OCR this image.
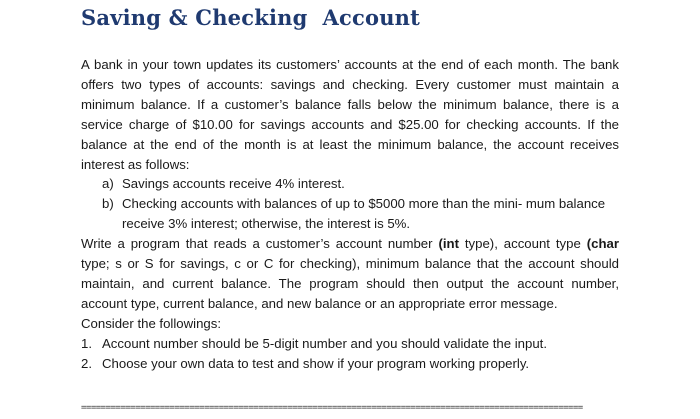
Saving & Checking  Account

A bank in your town updates its customers’ accounts at the end of each month. The bank offers two types of accounts: savings and checking. Every customer must maintain a minimum balance. If a customer’s balance falls below the minimum balance, there is a service charge of $10.00 for savings accounts and $25.00 for checking accounts. If the balance at the end of the month is at least the minimum balance, the account receives interest as follows:

a) Savings accounts receive 4% interest.
b) Checking accounts with balances of up to $5000 more than the mini- mum balance receive 3% interest; otherwise, the interest is 5%.

Write a program that reads a customer’s account number (int type), account type (char type; s or S for savings, c or C for checking), minimum balance that the account should maintain, and current balance. The program should then output the account number, account type, current balance, and new balance or an appropriate error message.

Consider the followings:

1. Account number should be 5-digit number and you should validate the input.
2. Choose your own data to test and show if your program working properly.
======================================================================================================
